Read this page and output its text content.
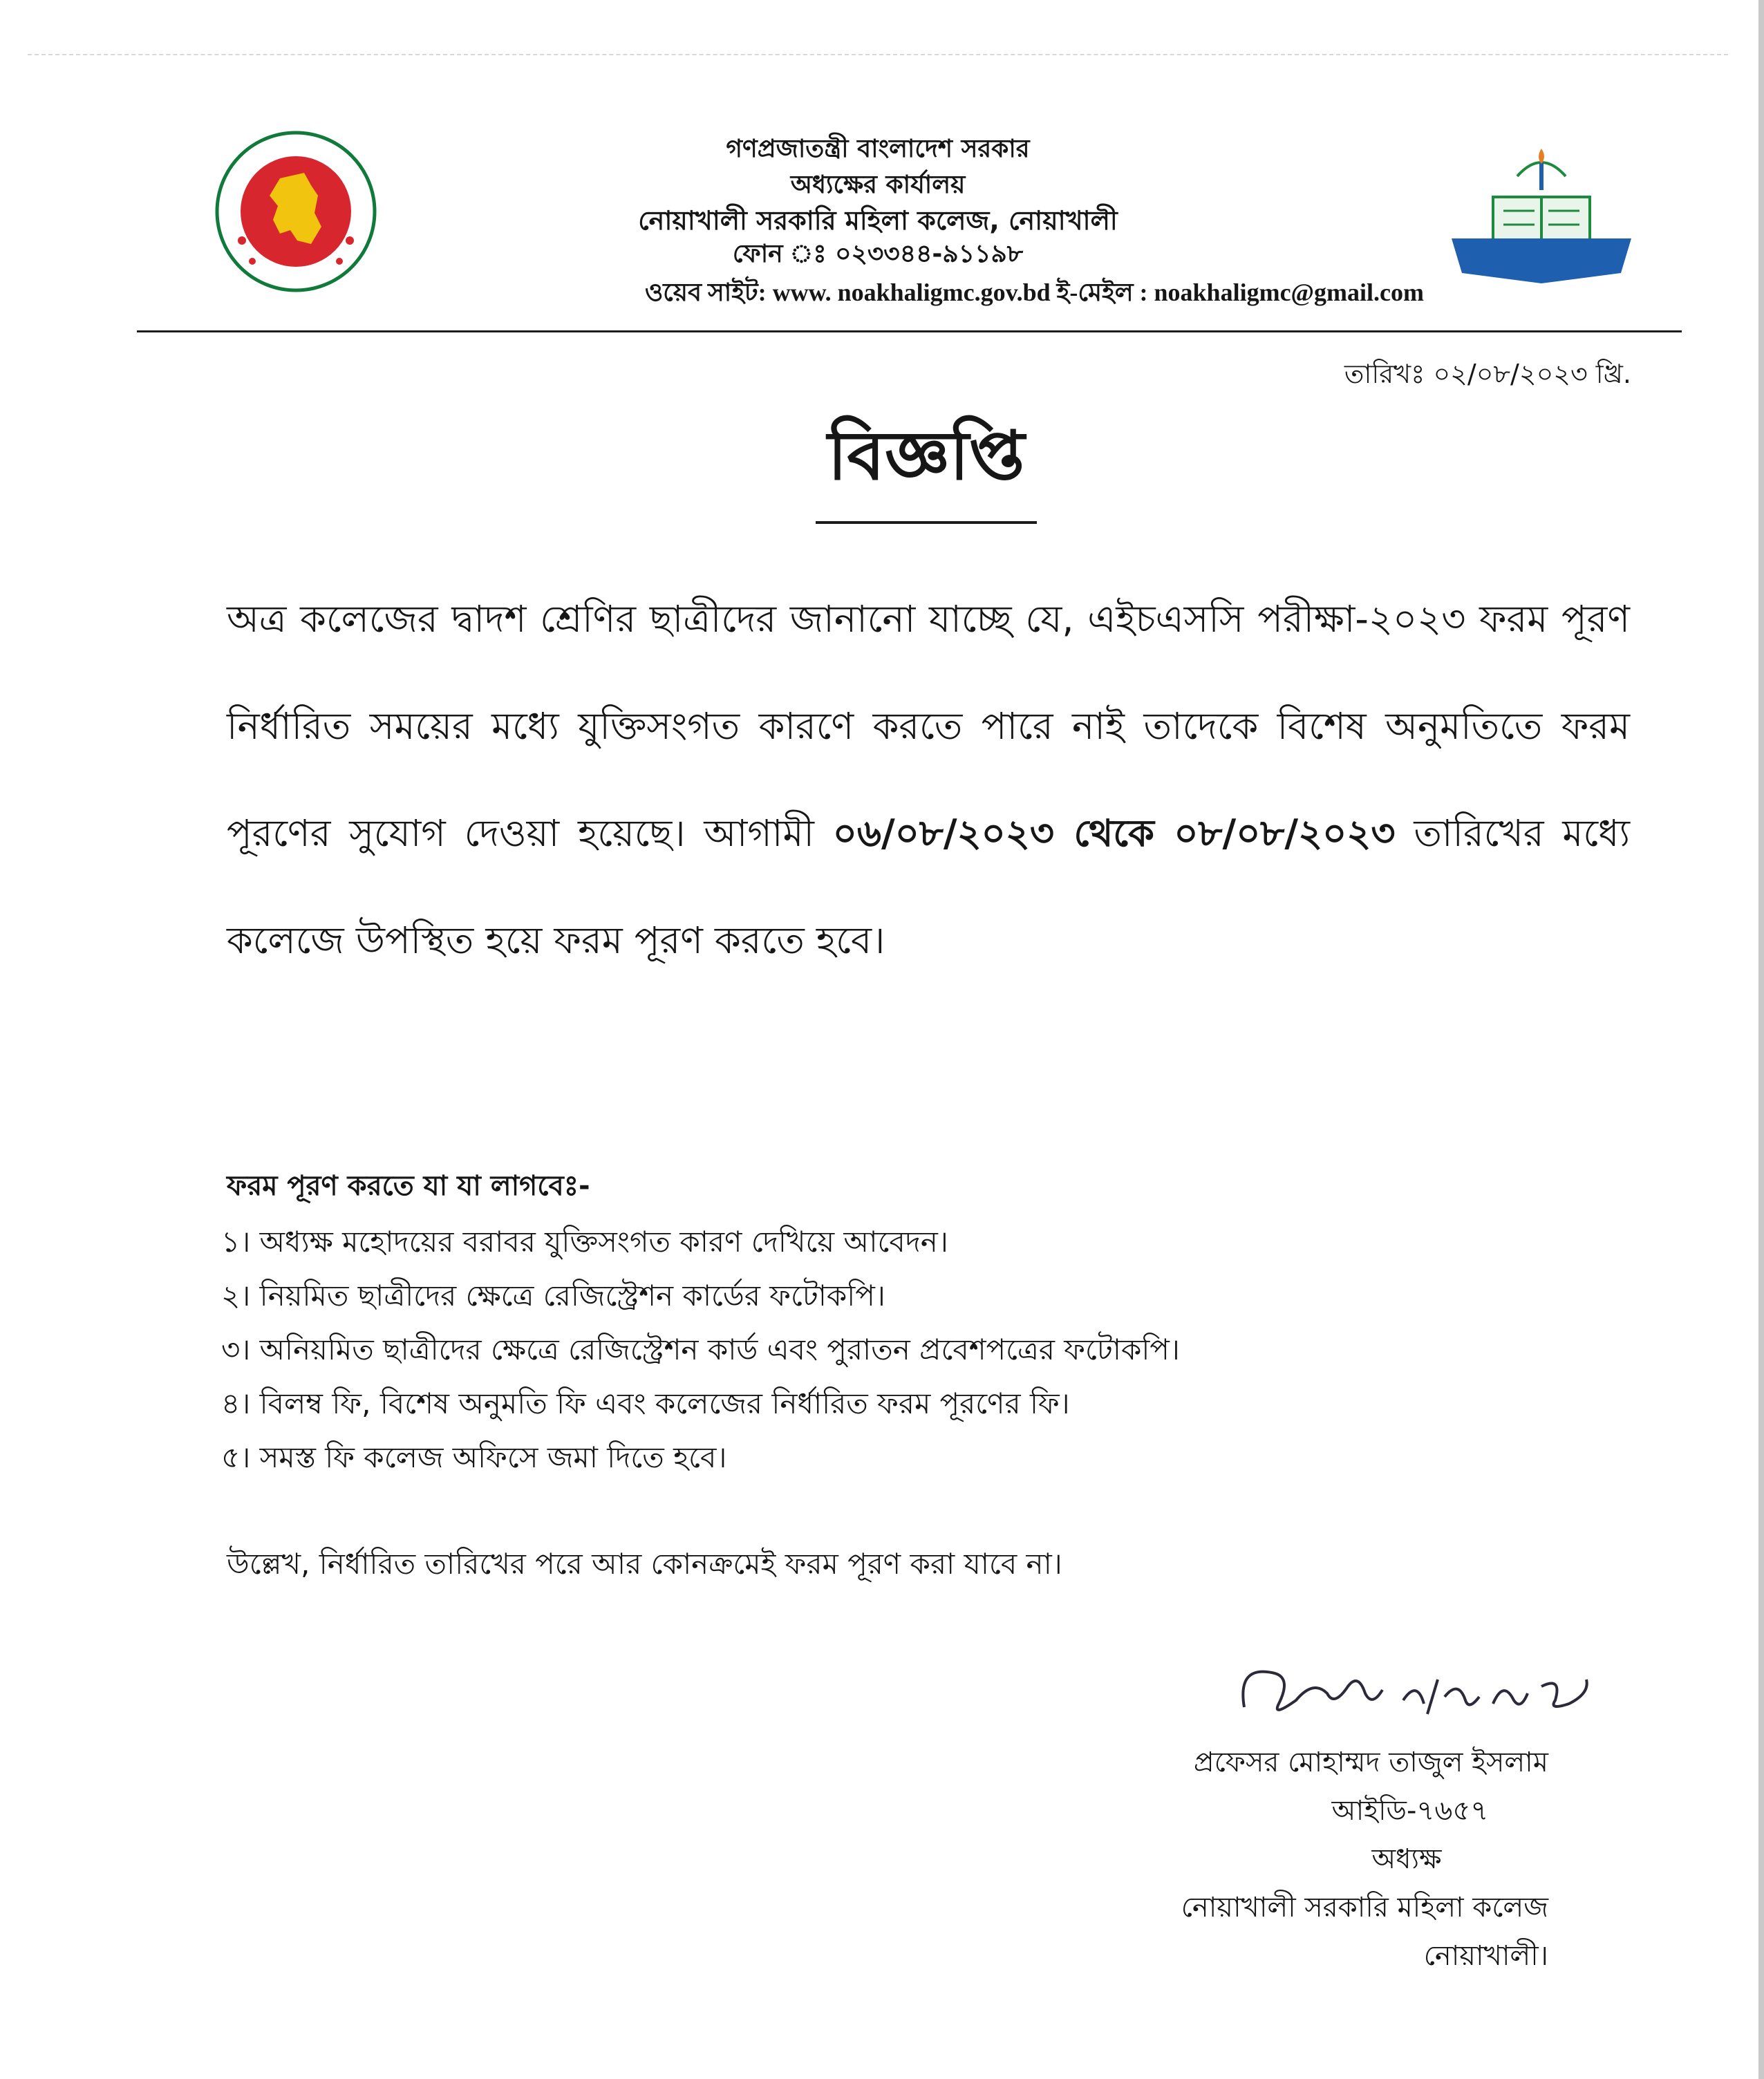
গণপ্রজাতন্ত্রী বাংলাদেশ সরকার
অধ্যক্ষের কার্যালয়
নোয়াখালী সরকারি মহিলা কলেজ, নোয়াখালী
ফোন ঃ ০২৩৩৪৪-৯১১৯৮
ওয়েব সাইট: www. noakhaligmc.gov.bd ই-মেইল : noakhaligmc@gmail.com
তারিখঃ ০২/০৮/২০২৩ খ্রি.
বিজ্ঞপ্তি
অত্র কলেজের দ্বাদশ শ্রেণির ছাত্রীদের জানানো যাচ্ছে যে, এইচএসসি পরীক্ষা-২০২৩ ফরম পূরণ নির্ধারিত সময়ের মধ্যে যুক্তিসংগত কারণে করতে পারে নাই তাদেকে বিশেষ অনুমতিতে ফরম পূরণের সুযোগ দেওয়া হয়েছে। আগামী ০৬/০৮/২০২৩ থেকে ০৮/০৮/২০২৩ তারিখের মধ্যে কলেজে উপস্থিত হয়ে ফরম পূরণ করতে হবে।
ফরম পূরণ করতে যা যা লাগবেঃ-
১। অধ্যক্ষ মহোদয়ের বরাবর যুক্তিসংগত কারণ দেখিয়ে আবেদন।
২। নিয়মিত ছাত্রীদের ক্ষেত্রে রেজিস্ট্রেশন কার্ডের ফটোকপি।
৩। অনিয়মিত ছাত্রীদের ক্ষেত্রে রেজিস্ট্রেশন কার্ড এবং পুরাতন প্রবেশপত্রের ফটোকপি।
৪। বিলম্ব ফি, বিশেষ অনুমতি ফি এবং কলেজের নির্ধারিত ফরম পূরণের ফি।
৫। সমস্ত ফি কলেজ অফিসে জমা দিতে হবে।
উল্লেখ, নির্ধারিত তারিখের পরে আর কোনক্রমেই ফরম পূরণ করা যাবে না।
প্রফেসর মোহাম্মদ তাজুল ইসলাম
আইডি-৭৬৫৭
অধ্যক্ষ
নোয়াখালী সরকারি মহিলা কলেজ
নোয়াখালী।
